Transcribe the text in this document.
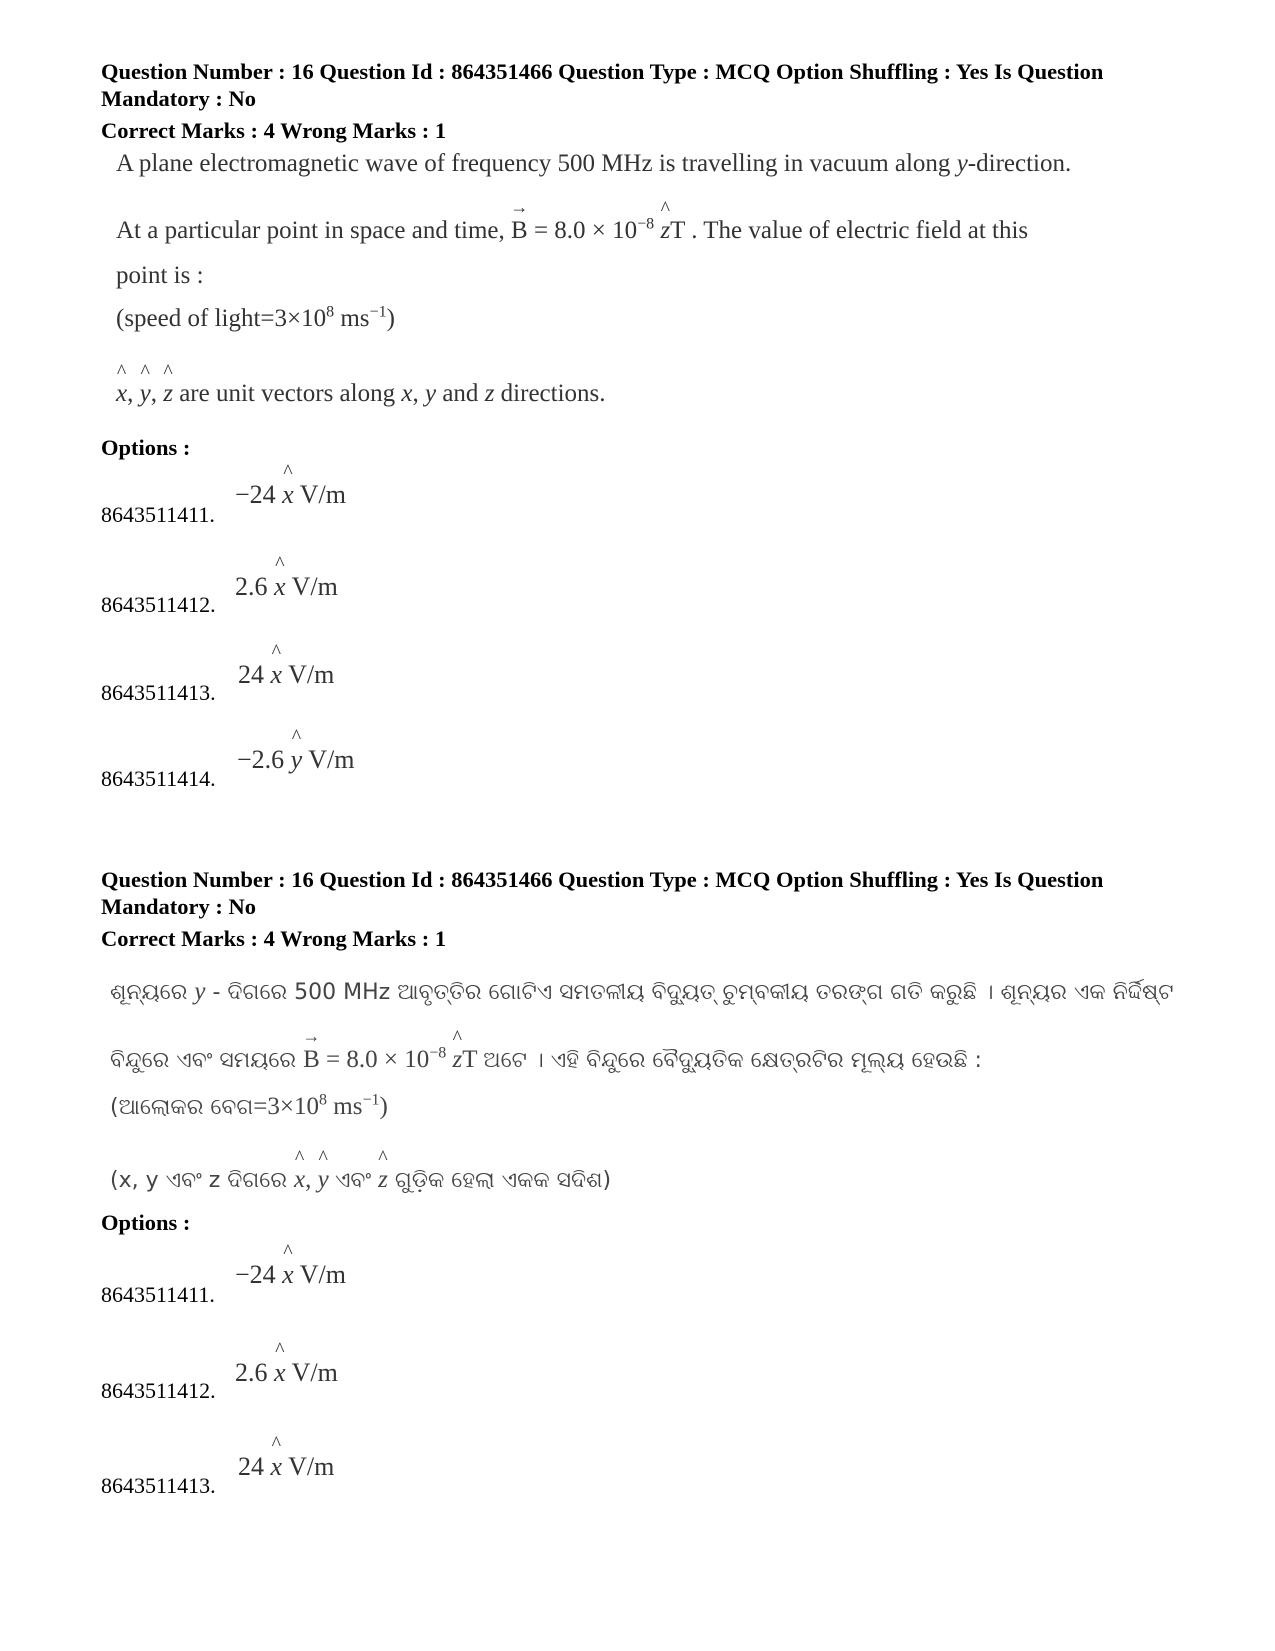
Question Number : 16 Question Id : 864351466 Question Type : MCQ Option Shuffling : Yes Is Question
Mandatory : No
Correct Marks : 4 Wrong Marks : 1
A plane electromagnetic wave of frequency 500 MHz is travelling in vacuum along y-direction.
At a particular point in space and time, → $B = 8.0 \times 10^{-8}$ ^ zT . The value of electric field at this
point is :
(speed of $light=3\times 10^8$ $ms^{-1}$)
^ x, ^ y, ^ z are unit vectors along x, y and z directions.
Options :
8643511411.
−24 ^ x V/m
8643511412.
2.6 ^ x V/m
8643511413.
24 ^ x V/m
8643511414.
−2.6 ^ y V/m
Question Number : 16 Question Id : 864351466 Question Type : MCQ Option Shuffling : Yes Is Question
Mandatory : No
Correct Marks : 4 Wrong Marks : 1
ଶୂନ୍ୟରେ y - ଦିଗରେ 500 MHz ଆବୃତ୍ତିର ଗୋଟିଏ ସମତଳୀୟ ବିଦ୍ୟୁତ୍ ଚୁମ୍ବକୀୟ ତରଙ୍ଗ ଗତି କରୁଛି । ଶୂନ୍ୟର ଏକ ନିର୍ଦ୍ଦିଷ୍ଟ
ବିନ୍ଦୁରେ ଏବଂ ସମୟରେ → $B = 8.0 \times 10^{-8}$ ^ zT ଅଟେ । ଏହି ବିନ୍ଦୁରେ ବୈଦ୍ୟୁତିକ କ୍ଷେତ୍ରଟିର ମୂଲ୍ୟ ହେଉଛି :
(ଆଲୋକର $ବେଗ=3\times 10^8$ $ms^{-1}$)
(x, y ଏବଂ z ଦିଗରେ ^ x, ^ y ଏବଂ ^ z ଗୁଡ଼ିକ ହେଲା ଏକକ ସଦିଶ)
Options :
8643511411.
−24 ^ x V/m
8643511412.
2.6 ^ x V/m
8643511413.
24 ^ x V/m
